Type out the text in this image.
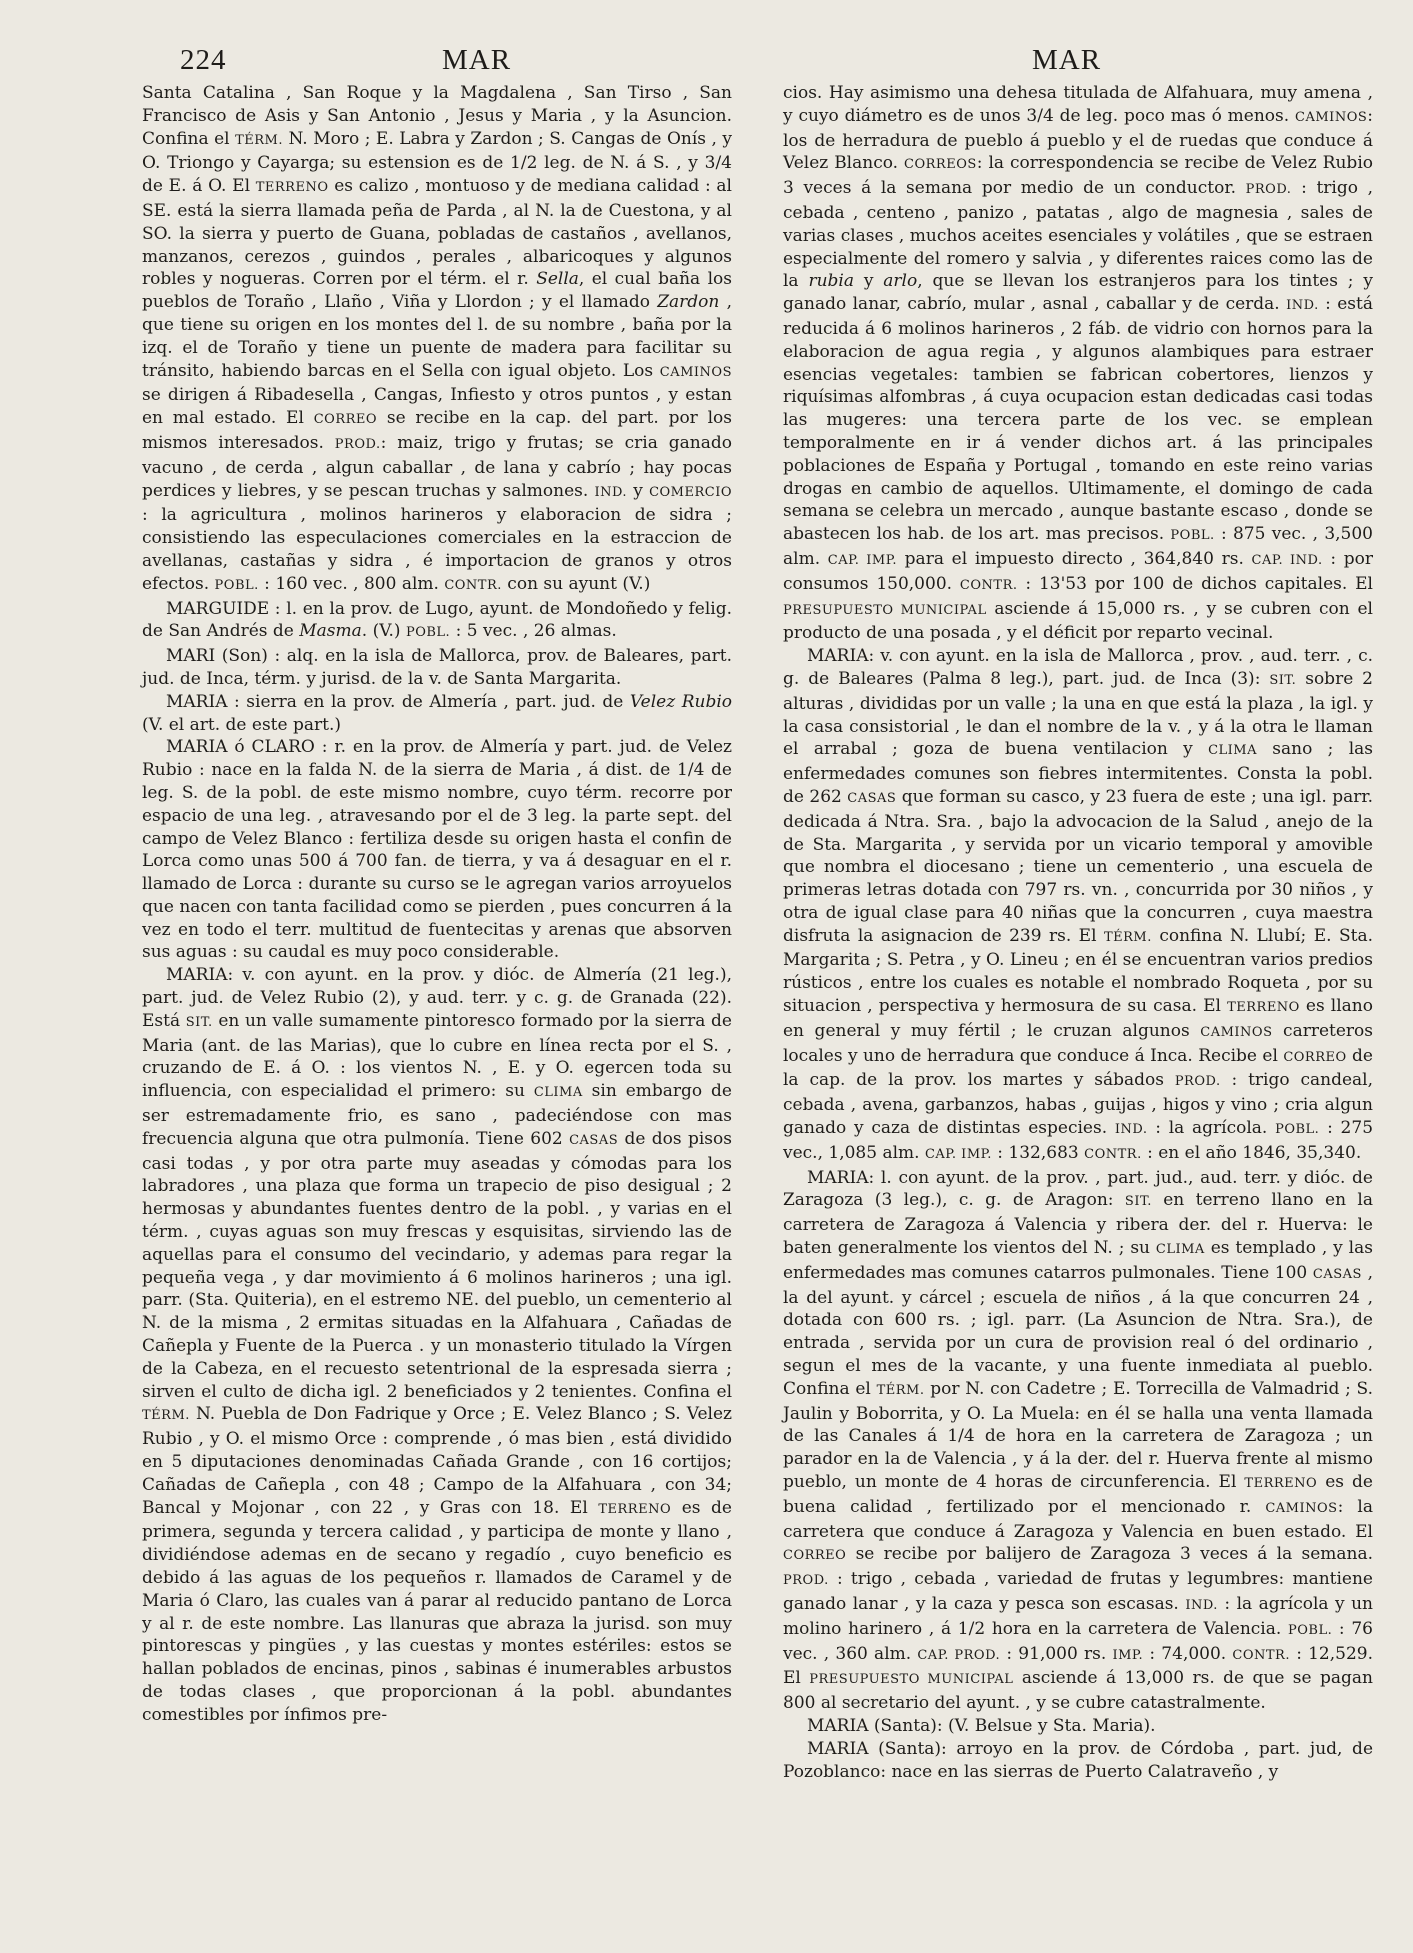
224	MAR	MAR

Santa Catalina , San Roque y la Magdalena , San Tirso , San Francisco de Asis y San Antonio , Jesus y Maria , y la Asuncion. Confina el TÉRM. N. Moro ; E. Labra y Zardon ; S. Cangas de Onís , y O. Triongo y Cayarga; su estension es de 1/2 leg. de N. á S. , y 3/4 de E. á O. El TERRENO es calizo , montuoso y de mediana calidad : al SE. está la sierra llamada peña de Parda , al N. la de Cuestona, y al SO. la sierra y puerto de Guana, pobladas de castaños , avellanos, manzanos, cerezos , guindos , perales , albaricoques y algunos robles y nogueras. Corren por el térm. el r. Sella, el cual baña los pueblos de Toraño , Llaño , Viña y Llordon ; y el llamado Zardon , que tiene su origen en los montes del l. de su nombre , baña por la izq. el de Toraño y tiene un puente de madera para facilitar su tránsito, habiendo barcas en el Sella con igual objeto. Los CAMINOS se dirigen á Ribadesella , Cangas, Infiesto y otros puntos , y estan en mal estado. El CORREO se recibe en la cap. del part. por los mismos interesados. PROD.: maiz, trigo y frutas; se cria ganado vacuno , de cerda , algun caballar , de lana y cabrío ; hay pocas perdices y liebres, y se pescan truchas y salmones. IND. y COMERCIO : la agricultura , molinos harineros y elaboracion de sidra ; consistiendo las especulaciones comerciales en la estraccion de avellanas, castañas y sidra , é importacion de granos y otros efectos. POBL. : 160 vec. , 800 alm. CONTR. con su ayunt (V.)

MARGUIDE : l. en la prov. de Lugo, ayunt. de Mondoñedo y felig. de San Andrés de Masma. (V.) POBL. : 5 vec. , 26 almas.

MARI (Son) : alq. en la isla de Mallorca, prov. de Baleares, part. jud. de Inca, térm. y jurisd. de la v. de Santa Margarita.

MARIA : sierra en la prov. de Almería , part. jud. de Velez Rubio (V. el art. de este part.)

MARIA ó CLARO : r. en la prov. de Almería y part. jud. de Velez Rubio : nace en la falda N. de la sierra de Maria , á dist. de 1/4 de leg. S. de la pobl. de este mismo nombre, cuyo térm. recorre por espacio de una leg. , atravesando por el de 3 leg. la parte sept. del campo de Velez Blanco : fertiliza desde su origen hasta el confin de Lorca como unas 500 á 700 fan. de tierra, y va á desaguar en el r. llamado de Lorca : durante su curso se le agregan varios arroyuelos que nacen con tanta facilidad como se pierden , pues concurren á la vez en todo el terr. multitud de fuentecitas y arenas que absorven sus aguas : su caudal es muy poco considerable.

MARIA: v. con ayunt. en la prov. y dióc. de Almería (21 leg.), part. jud. de Velez Rubio (2), y aud. terr. y c. g. de Granada (22). Está SIT. en un valle sumamente pintoresco formado por la sierra de Maria (ant. de las Marias), que lo cubre en línea recta por el S. , cruzando de E. á O. : los vientos N. , E. y O. egercen toda su influencia, con especialidad el primero: su CLIMA sin embargo de ser estremadamente frio, es sano , padeciéndose con mas frecuencia alguna que otra pulmonía. Tiene 602 CASAS de dos pisos casi todas , y por otra parte muy aseadas y cómodas para los labradores , una plaza que forma un trapecio de piso desigual ; 2 hermosas y abundantes fuentes dentro de la pobl. , y varias en el térm. , cuyas aguas son muy frescas y esquisitas, sirviendo las de aquellas para el consumo del vecindario, y ademas para regar la pequeña vega , y dar movimiento á 6 molinos harineros ; una igl. parr. (Sta. Quiteria), en el estremo NE. del pueblo, un cementerio al N. de la misma , 2 ermitas situadas en la Alfahuara , Cañadas de Cañepla y Fuente de la Puerca . y un monasterio titulado la Vírgen de la Cabeza, en el recuesto setentrional de la espresada sierra ; sirven el culto de dicha igl. 2 beneficiados y 2 tenientes. Confina el TÉRM. N. Puebla de Don Fadrique y Orce ; E. Velez Blanco ; S. Velez Rubio , y O. el mismo Orce : comprende , ó mas bien , está dividido en 5 diputaciones denominadas Cañada Grande , con 16 cortijos; Cañadas de Cañepla , con 48 ; Campo de la Alfahuara , con 34; Bancal y Mojonar , con 22 , y Gras con 18. El TERRENO es de primera, segunda y tercera calidad , y participa de monte y llano , dividiéndose ademas en de secano y regadío , cuyo beneficio es debido á las aguas de los pequeños r. llamados de Caramel y de Maria ó Claro, las cuales van á parar al reducido pantano de Lorca y al r. de este nombre. Las llanuras que abraza la jurisd. son muy pintorescas y pingües , y las cuestas y montes estériles: estos se hallan poblados de encinas, pinos , sabinas é inumerables arbustos de todas clases , que proporcionan á la pobl. abundantes comestibles por ínfimos pre-

cios. Hay asimismo una dehesa titulada de Alfahuara, muy amena , y cuyo diámetro es de unos 3/4 de leg. poco mas ó menos. CAMINOS: los de herradura de pueblo á pueblo y el de ruedas que conduce á Velez Blanco. CORREOS: la correspondencia se recibe de Velez Rubio 3 veces á la semana por medio de un conductor. PROD. : trigo , cebada , centeno , panizo , patatas , algo de magnesia , sales de varias clases , muchos aceites esenciales y volátiles , que se estraen especialmente del romero y salvia , y diferentes raices como las de la rubia y arlo, que se llevan los estranjeros para los tintes ; y ganado lanar, cabrío, mular , asnal , caballar y de cerda. IND. : está reducida á 6 molinos harineros , 2 fáb. de vidrio con hornos para la elaboracion de agua regia , y algunos alambiques para estraer esencias vegetales: tambien se fabrican cobertores, lienzos y riquísimas alfombras , á cuya ocupacion estan dedicadas casi todas las mugeres: una tercera parte de los vec. se emplean temporalmente en ir á vender dichos art. á las principales poblaciones de España y Portugal , tomando en este reino varias drogas en cambio de aquellos. Ultimamente, el domingo de cada semana se celebra un mercado , aunque bastante escaso , donde se abastecen los hab. de los art. mas precisos. POBL. : 875 vec. , 3,500 alm. CAP. IMP. para el impuesto directo , 364,840 rs. CAP. IND. : por consumos 150,000. CONTR. : 13'53 por 100 de dichos capitales. El PRESUPUESTO MUNICIPAL asciende á 15,000 rs. , y se cubren con el producto de una posada , y el déficit por reparto vecinal.

MARIA: v. con ayunt. en la isla de Mallorca , prov. , aud. terr. , c. g. de Baleares (Palma 8 leg.), part. jud. de Inca (3): SIT. sobre 2 alturas , divididas por un valle ; la una en que está la plaza , la igl. y la casa consistorial , le dan el nombre de la v. , y á la otra le llaman el arrabal ; goza de buena ventilacion y CLIMA sano ; las enfermedades comunes son fiebres intermitentes. Consta la pobl. de 262 CASAS que forman su casco, y 23 fuera de este ; una igl. parr. dedicada á Ntra. Sra. , bajo la advocacion de la Salud , anejo de la de Sta. Margarita , y servida por un vicario temporal y amovible que nombra el diocesano ; tiene un cementerio , una escuela de primeras letras dotada con 797 rs. vn. , concurrida por 30 niños , y otra de igual clase para 40 niñas que la concurren , cuya maestra disfruta la asignacion de 239 rs. El TÉRM. confina N. Llubí; E. Sta. Margarita ; S. Petra , y O. Lineu ; en él se encuentran varios predios rústicos , entre los cuales es notable el nombrado Roqueta , por su situacion , perspectiva y hermosura de su casa. El TERRENO es llano en general y muy fértil ; le cruzan algunos CAMINOS carreteros locales y uno de herradura que conduce á Inca. Recibe el CORREO de la cap. de la prov. los martes y sábados PROD. : trigo candeal, cebada , avena, garbanzos, habas , guijas , higos y vino ; cria algun ganado y caza de distintas especies. IND. : la agrícola. POBL. : 275 vec., 1,085 alm. CAP. IMP. : 132,683 CONTR. : en el año 1846, 35,340.

MARIA: l. con ayunt. de la prov. , part. jud., aud. terr. y dióc. de Zaragoza (3 leg.), c. g. de Aragon: SIT. en terreno llano en la carretera de Zaragoza á Valencia y ribera der. del r. Huerva: le baten generalmente los vientos del N. ; su CLIMA es templado , y las enfermedades mas comunes catarros pulmonales. Tiene 100 CASAS , la del ayunt. y cárcel ; escuela de niños , á la que concurren 24 , dotada con 600 rs. ; igl. parr. (La Asuncion de Ntra. Sra.), de entrada , servida por un cura de provision real ó del ordinario , segun el mes de la vacante, y una fuente inmediata al pueblo. Confina el TÉRM. por N. con Cadetre ; E. Torrecilla de Valmadrid ; S. Jaulin y Boborrita, y O. La Muela: en él se halla una venta llamada de las Canales á 1/4 de hora en la carretera de Zaragoza ; un parador en la de Valencia , y á la der. del r. Huerva frente al mismo pueblo, un monte de 4 horas de circunferencia. El TERRENO es de buena calidad , fertilizado por el mencionado r. CAMINOS: la carretera que conduce á Zaragoza y Valencia en buen estado. El CORREO se recibe por balijero de Zaragoza 3 veces á la semana. PROD. : trigo , cebada , variedad de frutas y legumbres: mantiene ganado lanar , y la caza y pesca son escasas. IND. : la agrícola y un molino harinero , á 1/2 hora en la carretera de Valencia. POBL. : 76 vec. , 360 alm. CAP. PROD. : 91,000 rs. IMP. : 74,000. CONTR. : 12,529. El PRESUPUESTO MUNICIPAL asciende á 13,000 rs. de que se pagan 800 al secretario del ayunt. , y se cubre catastralmente.

MARIA (Santa): (V. Belsue y Sta. Maria).

MARIA (Santa): arroyo en la prov. de Córdoba , part. jud, de Pozoblanco: nace en las sierras de Puerto Calatraveño , y
